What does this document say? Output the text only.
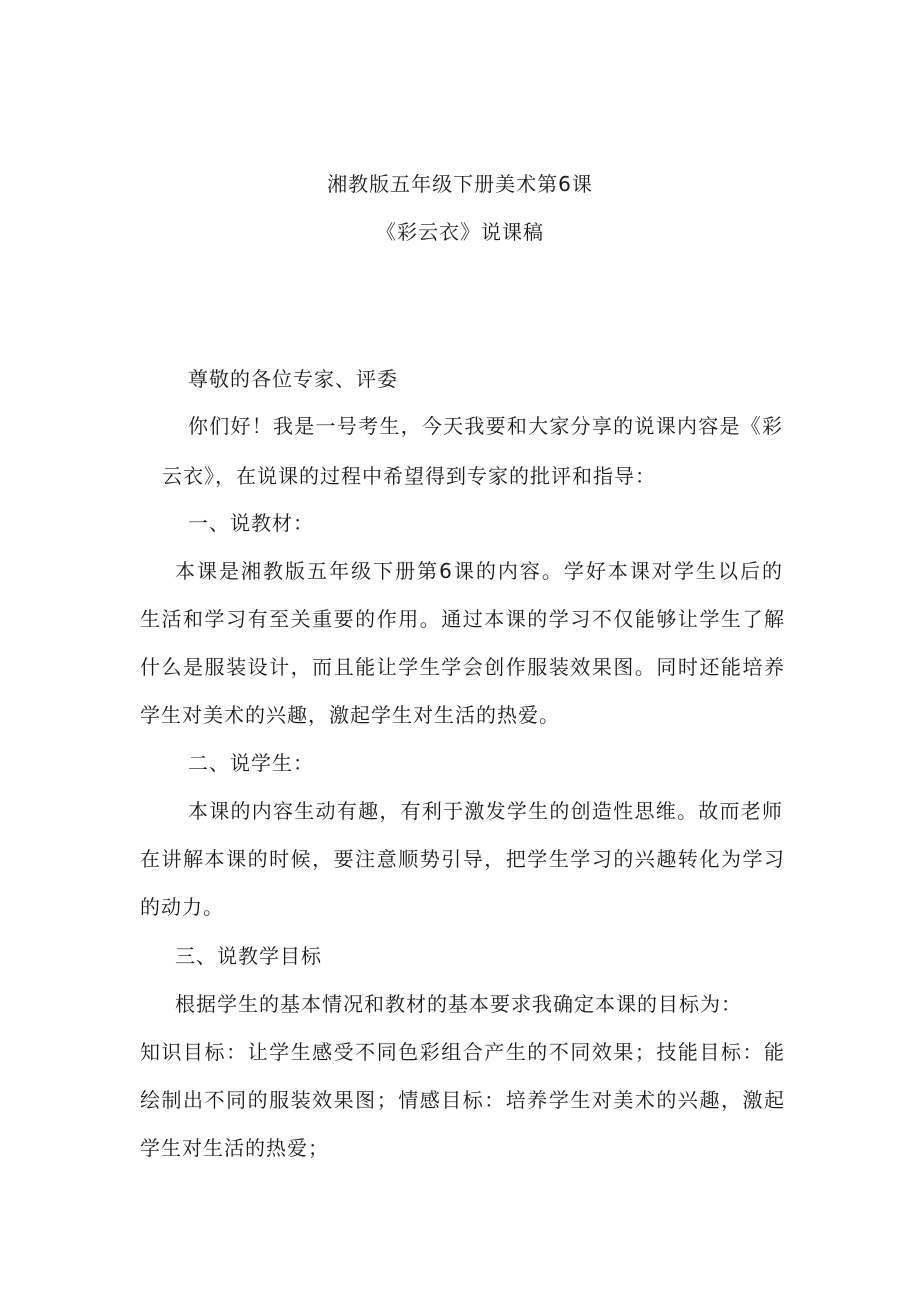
湘教版五年级下册美术第6课
《彩云衣》说课稿
尊敬的各位专家、评委
你们好！我是一号考生，今天我要和大家分享的说课内容是《彩
云衣》，在说课的过程中希望得到专家的批评和指导：
一、说教材：
本课是湘教版五年级下册第6课的内容。学好本课对学生以后的
生活和学习有至关重要的作用。通过本课的学习不仅能够让学生了解
什么是服装设计，而且能让学生学会创作服装效果图。同时还能培养
学生对美术的兴趣，激起学生对生活的热爱。
二、说学生：
本课的内容生动有趣，有利于激发学生的创造性思维。故而老师
在讲解本课的时候，要注意顺势引导，把学生学习的兴趣转化为学习
的动力。
三、说教学目标
根据学生的基本情况和教材的基本要求我确定本课的目标为：
知识目标：让学生感受不同色彩组合产生的不同效果；技能目标：能
绘制出不同的服装效果图；情感目标：培养学生对美术的兴趣，激起
学生对生活的热爱；
